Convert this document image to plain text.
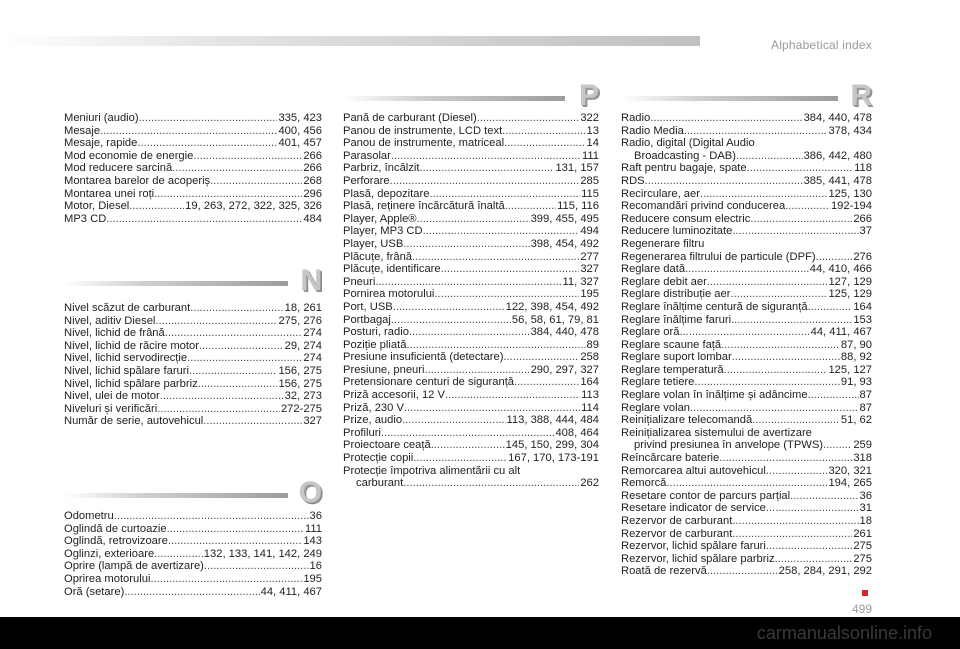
Alphabetical index
Meniuri (audio) .....	335, 423
Mesaje .....	400, 456
Mesaje, rapide .....	401, 457
Mod economie de energie .....	266
Mod reducere sarcină .....	266
Montarea barelor de acoperiș .....	268
Montarea unei roți .....	296
Motor, Diesel .....	19, 263, 272, 322, 325, 326
MP3 CD .....	484
N
Nivel scăzut de carburant .....	18, 261
Nivel, aditiv Diesel .....	275, 276
Nivel, lichid de frână .....	274
Nivel, lichid de răcire motor .....	29, 274
Nivel, lichid servodirecție .....	274
Nivel, lichid spălare faruri .....	156, 275
Nivel, lichid spălare parbriz .....	156, 275
Nivel, ulei de motor .....	32, 273
Niveluri și verificări .....	272-275
Număr de serie, autovehicul .....	327
O
Odometru .....	36
Oglindă de curtoazie .....	111
Oglindă, retrovizoare .....	143
Oglinzi, exterioare .....	132, 133, 141, 142, 249
Oprire (lampă de avertizare) .....	16
Oprirea motorului .....	195
Oră (setare) .....	44, 411, 467
P
Pană de carburant (Diesel) .....	322
Panou de instrumente, LCD text .....	13
Panou de instrumente, matriceal .....	14
Parasolar .....	111
Parbriz, încălzit .....	131, 157
Perforare .....	285
Plasă, depozitare .....	115
Plasă, reținere încărcătură înaltă .....	115, 116
Player, Apple® .....	399, 455, 495
Player, MP3 CD .....	494
Player, USB .....	398, 454, 492
Plăcuțe, frână .....	277
Plăcuțe, identificare .....	327
Pneuri .....	11, 327
Pornirea motorului .....	195
Port, USB .....	122, 398, 454, 492
Portbagaj .....	56, 58, 61, 79, 81
Posturi, radio .....	384, 440, 478
Poziție pliată .....	89
Presiune insuficientă (detectare) .....	258
Presiune, pneuri .....	290, 297, 327
Pretensionare centuri de siguranță .....	164
Priză accesorii, 12 V .....	113
Priză, 230 V .....	114
Prize, audio .....	113, 388, 444, 484
Profiluri .....	408, 464
Proiectoare ceață .....	145, 150, 299, 304
Protecție copii .....	167, 170, 173-191
Protecție împotriva alimentării cu alt
carburant .....	262
R
Radio .....	384, 440, 478
Radio Media .....	378, 434
Radio, digital (Digital Audio
Broadcasting - DAB) .....	386, 442, 480
Raft pentru bagaje, spate .....	118
RDS .....	385, 441, 478
Recirculare, aer .....	125, 130
Recomandări privind conducerea .....	192-194
Reducere consum electric .....	266
Reducere luminozitate .....	37
Regenerare filtru
Regenerarea filtrului de particule (DPF) .....	276
Reglare dată .....	44, 410, 466
Reglare debit aer .....	127, 129
Reglare distribuție aer .....	125, 129
Reglare înălțime centură de siguranță .....	164
Reglare înălțime faruri .....	153
Reglare oră .....	44, 411, 467
Reglare scaune față .....	87, 90
Reglare suport lombar .....	88, 92
Reglare temperatură .....	125, 127
Reglare tetiere .....	91, 93
Reglare volan în înălțime și adâncime .....	87
Reglare volan .....	87
Reinițializare telecomandă .....	51, 62
Reinițializarea sistemului de avertizare
privind presiunea în anvelope (TPWS) .....	259
Reîncărcare baterie .....	318
Remorcarea altui autovehicul .....	320, 321
Remorcă .....	194, 265
Resetare contor de parcurs parțial .....	36
Resetare indicator de service .....	31
Rezervor de carburant .....	18
Rezervor de carburant .....	261
Rezervor, lichid spălare faruri .....	275
Rezervor, lichid spălare parbriz .....	275
Roată de rezervă .....	258, 284, 291, 292
499
carmanualsonline.info
